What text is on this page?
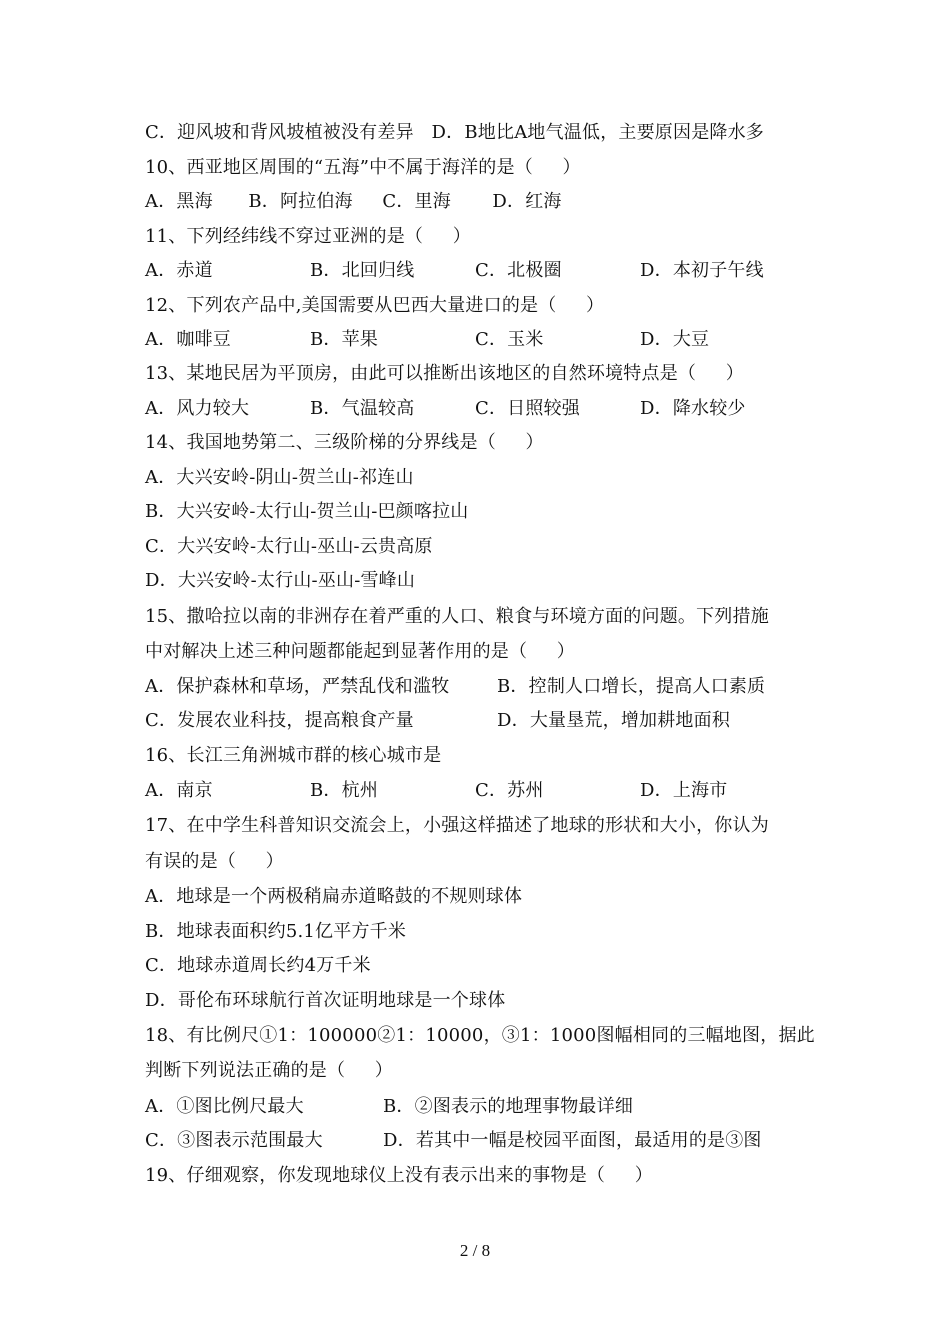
C．迎风坡和背风坡植被没有差异   D．B地比A地气温低，主要原因是降水多
10、西亚地区周围的“五海”中不属于海洋的是（     ）
A．黑海      B．阿拉伯海     C．里海       D．红海
11、下列经纬线不穿过亚洲的是（     ）
A．赤道	B．北回归线	C．北极圈	D．本初子午线
12、下列农产品中,美国需要从巴西大量进口的是（     ）
A．咖啡豆	B．苹果	C．玉米	D．大豆
13、某地民居为平顶房，由此可以推断出该地区的自然环境特点是（     ）
A．风力较大	B．气温较高	C．日照较强	D．降水较少
14、我国地势第二、三级阶梯的分界线是（     ）
A．大兴安岭-阴山-贺兰山-祁连山
B．大兴安岭-太行山-贺兰山-巴颜喀拉山
C．大兴安岭-太行山-巫山-云贵高原
D．大兴安岭-太行山-巫山-雪峰山
15、撒哈拉以南的非洲存在着严重的人口、粮食与环境方面的问题。下列措施
中对解决上述三种问题都能起到显著作用的是（     ）
A．保护森林和草场，严禁乱伐和滥牧	B．控制人口增长，提高人口素质
C．发展农业科技，提高粮食产量	D．大量垦荒，增加耕地面积
16、长江三角洲城市群的核心城市是
A．南京	B．杭州	C．苏州	D．上海市
17、在中学生科普知识交流会上，小强这样描述了地球的形状和大小，你认为
有误的是（     ）
A．地球是一个两极稍扁赤道略鼓的不规则球体
B．地球表面积约5.1亿平方千米
C．地球赤道周长约4万千米
D．哥伦布环球航行首次证明地球是一个球体
18、有比例尺①1：100000②1：10000，③1：1000图幅相同的三幅地图，据此
判断下列说法正确的是（     ）
A．①图比例尺最大	B．②图表示的地理事物最详细
C．③图表示范围最大	D．若其中一幅是校园平面图，最适用的是③图
19、仔细观察，你发现地球仪上没有表示出来的事物是（     ）
2 / 8
